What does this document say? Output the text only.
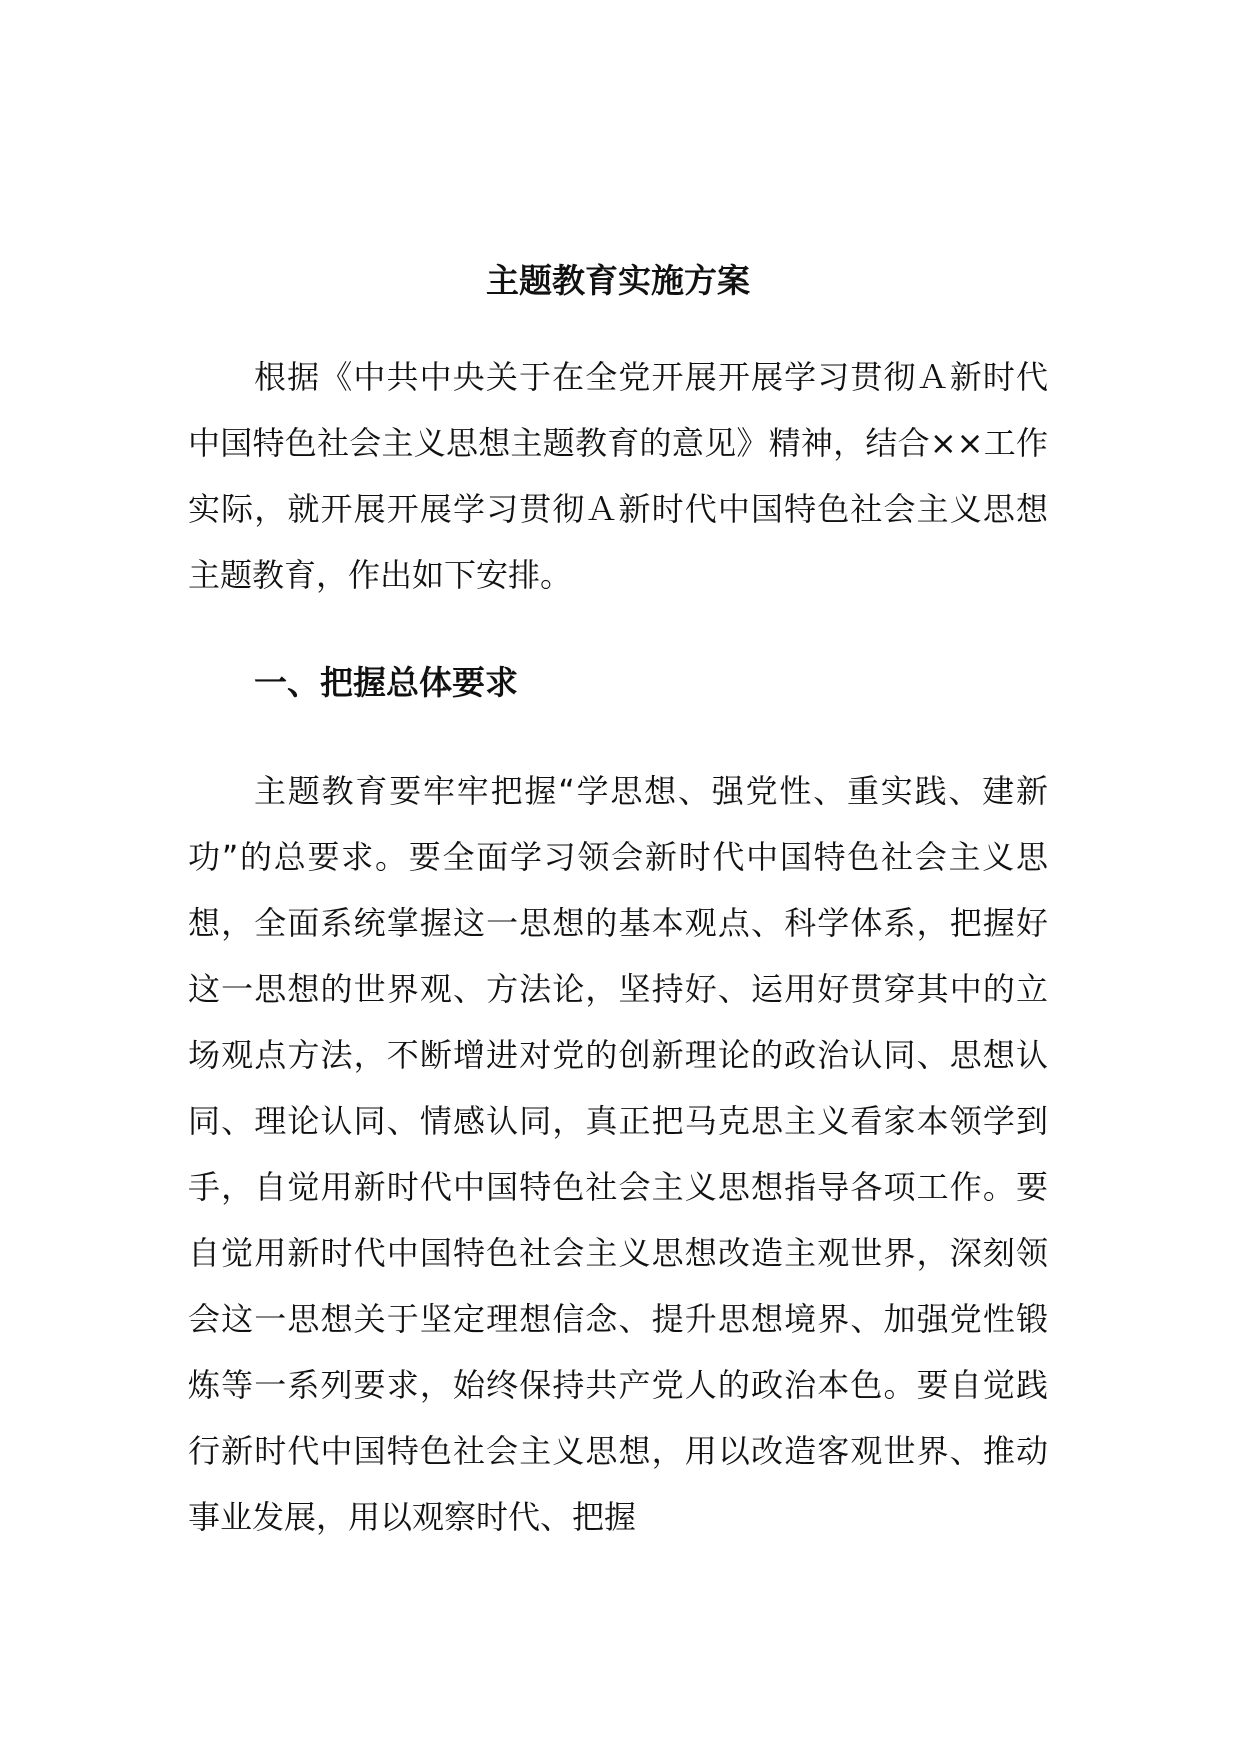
主题教育实施方案

根据《中共中央关于在全党开展开展学习贯彻Ａ新时代中国特色社会主义思想主题教育的意见》精神，结合××工作实际，就开展开展学习贯彻Ａ新时代中国特色社会主义思想主题教育，作出如下安排。

一、把握总体要求

主题教育要牢牢把握“学思想、强党性、重实践、建新功”的总要求。要全面学习领会新时代中国特色社会主义思想，全面系统掌握这一思想的基本观点、科学体系，把握好这一思想的世界观、方法论，坚持好、运用好贯穿其中的立场观点方法，不断增进对党的创新理论的政治认同、思想认同、理论认同、情感认同，真正把马克思主义看家本领学到手，自觉用新时代中国特色社会主义思想指导各项工作。要自觉用新时代中国特色社会主义思想改造主观世界，深刻领会这一思想关于坚定理想信念、提升思想境界、加强党性锻炼等一系列要求，始终保持共产党人的政治本色。要自觉践行新时代中国特色社会主义思想，用以改造客观世界、推动事业发展，用以观察时代、把握
